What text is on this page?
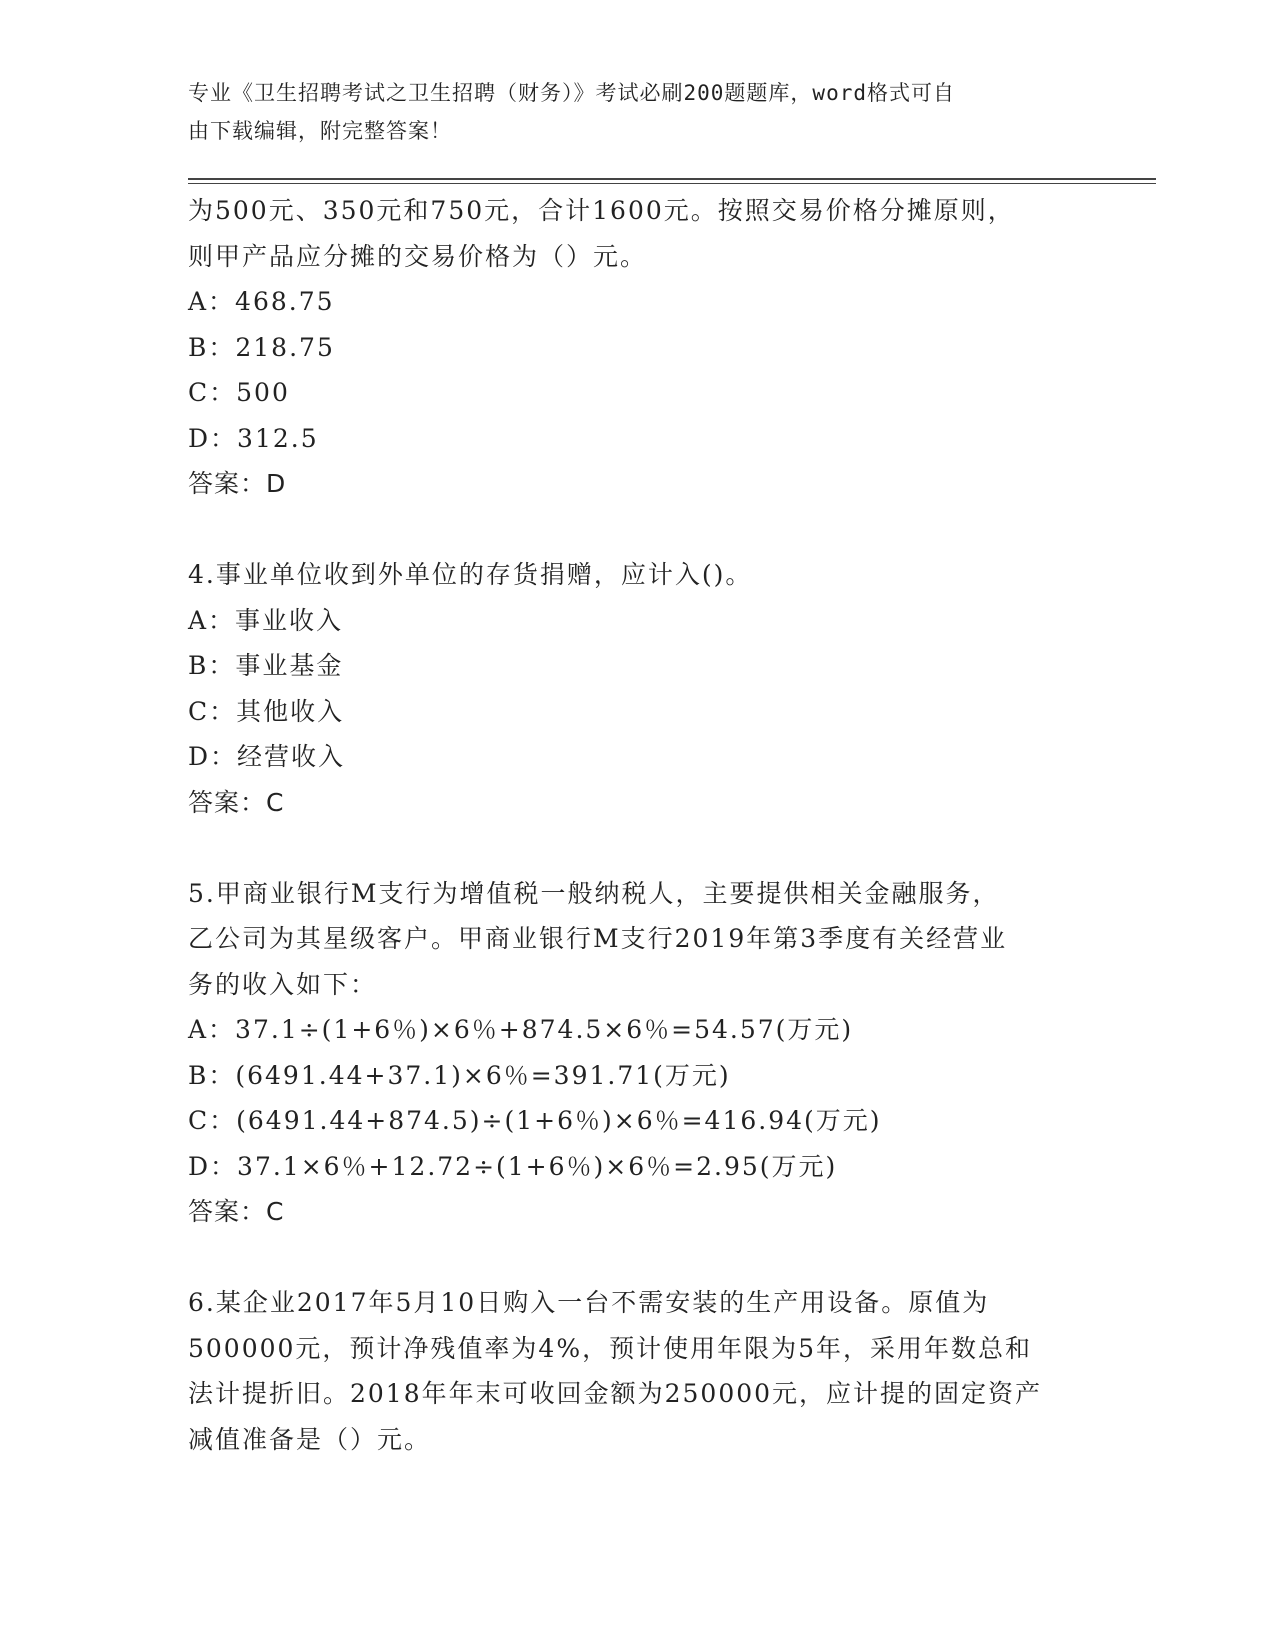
专业《卫生招聘考试之卫生招聘（财务）》考试必刷200题题库，word格式可自
由下载编辑，附完整答案！
为500元、350元和750元，合计1600元。按照交易价格分摊原则，
则甲产品应分摊的交易价格为（）元。
A：468.75
B：218.75
C：500
D：312.5
答案：D
4.事业单位收到外单位的存货捐赠，应计入()。
A：事业收入
B：事业基金
C：其他收入
D：经营收入
答案：C
5.甲商业银行M支行为增值税一般纳税人，主要提供相关金融服务，
乙公司为其星级客户。甲商业银行M支行2019年第3季度有关经营业
务的收入如下：
A：37.1÷(1+6％)×6％+874.5×6％=54.57(万元)
B：(6491.44+37.1)×6％=391.71(万元)
C：(6491.44+874.5)÷(1+6％)×6％=416.94(万元)
D：37.1×6％+12.72÷(1+6％)×6％=2.95(万元)
答案：C
6.某企业2017年5月10日购入一台不需安装的生产用设备。原值为
500000元，预计净残值率为4%，预计使用年限为5年，采用年数总和
法计提折旧。2018年年末可收回金额为250000元，应计提的固定资产
减值准备是（）元。
